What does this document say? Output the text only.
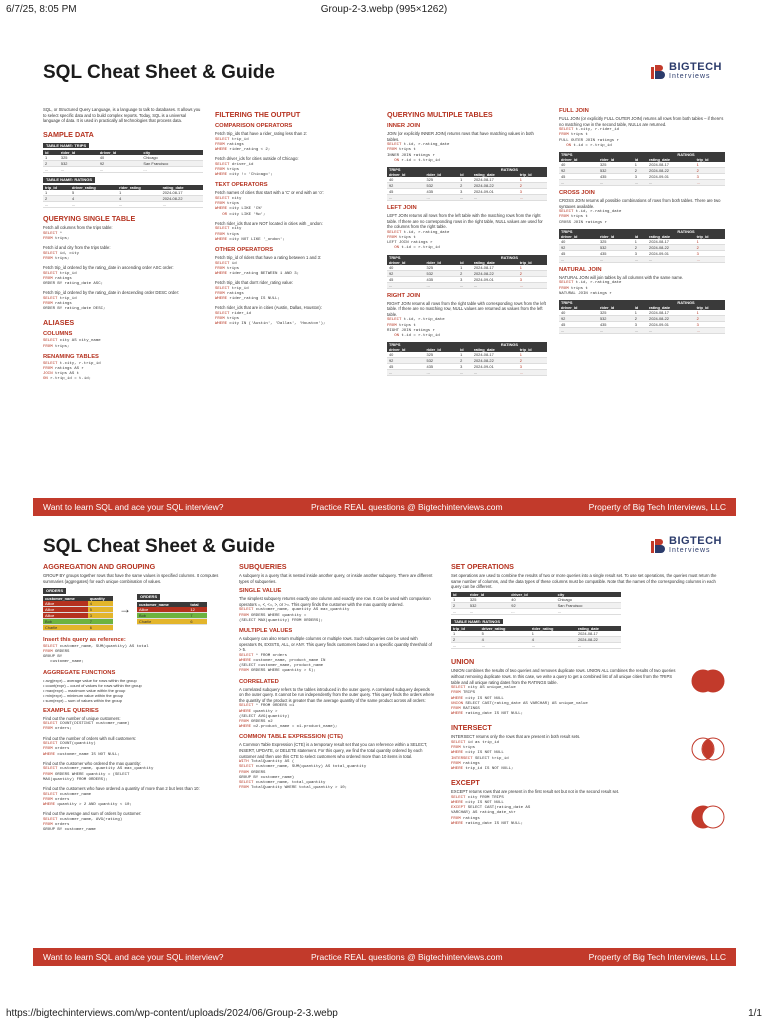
6/7/25, 8:05 PM	Group-2-3.webp (995×1262)
SQL Cheat Sheet & Guide	BIGTECH
Interviews
SQL, or Structured Query Language, is a language to talk to databases. It allows you to select specific data and to build complex reports. Today, SQL is a universal language of data. It is used in practically all technologies that process data.
SAMPLE DATA
TABLE NAME: TRIPS
id	rider_id	driver_id	city
1	325	40	Chicago
2	532	92	San Francisco
...	...	...	...
TABLE NAME: RATINGS
trip_id	driver_rating	rider_rating	rating_date
1	5	1	2024-08-17
2	4	4	2024-08-22
...	...	...	...
QUERYING SINGLE TABLE
Fetch all columns from the trips table:
SELECT *
FROM trips;
Fetch id and city from the trips table:
SELECT id, city
FROM trips;
Fetch trip_id ordered by the rating_date in ascending order ASC order:
SELECT trip_id
FROM ratings
ORDER BY rating_date ASC;
Fetch trip_id ordered by the rating_date in descending order DESC order:
SELECT trip_id
FROM ratings
ORDER BY rating_date DESC;
ALIASES
COLUMNS
SELECT city AS city_name
FROM trips;
RENAMING TABLES
SELECT t.city, r.trip_id
FROM ratings AS r
JOIN trips AS t
ON r.trip_id = t.id;
FILTERING THE OUTPUT
COMPARISON OPERATORS
Fetch trip_ids that have a rider_rating less than 2:
SELECT trip_id
FROM ratings
WHERE rider_rating < 2;
Fetch driver_ids for cities outside of Chicago:
SELECT driver_id
FROM trips
WHERE city != 'Chicago';
TEXT OPERATORS
Fetch names of cities that start with a 'C' or end with an 'o':
SELECT city
FROM trips
WHERE city LIKE 'C%'
OR city LIKE '%o';
Fetch rider_ids that are NOT located in cities with _ondon:
SELECT city
FROM trips
WHERE city NOT LIKE '_ondon';
OTHER OPERATORS
Fetch trip_id of riders that have a rating between 1 and 3:
SELECT id
FROM trips
WHERE rider_rating BETWEEN 1 AND 3;
Fetch trip_ids that don't rider_rating value:
SELECT trip_id
FROM ratings
WHERE rider_rating IS NULL;
Fetch rider_ids that are in cities (Austin, Dallas, Houston):
SELECT rider_id
FROM trips
WHERE city IN ('Austin', 'Dallas', 'Houston');
QUERYING MULTIPLE TABLES
INNER JOIN
JOIN (or explicitly INNER JOIN) returns rows that have matching values in both tables.
SELECT t.id, r.rating_date
FROM trips t
INNER JOIN ratings r
ON r.id = t.trip_id
TRIPS			RATINGS	
driver_id	rider_id	id	rating_date	trip_id
40	325	1	2024-08-17	1
92	532	2	2024-08-22	2
45	435	3	2024-09-01	3
...	...	...	...	...
LEFT JOIN
LEFT JOIN returns all rows from the left table with the matching rows from the right table. If there are no corresponding rows in the right table, NULL values are used for the columns from the right table.
SELECT t.id, r.rating_date
FROM trips t
LEFT JOIN ratings r
ON t.id = r.trip_id
TRIPS			RATINGS	
driver_id	rider_id	id	rating_date	trip_id
40	325	1	2024-08-17	1
92	532	2	2024-08-22	2
45	435	3	2024-09-01	3
...	...	...	...	...
RIGHT JOIN
RIGHT JOIN returns all rows from the right table with corresponding rows from the left table. If there are no matching row, NULL values are returned as values from the left table.
SELECT t.id, r.trip_date
FROM trips t
RIGHT JOIN ratings r
ON t.id = r.trip_id
TRIPS			RATINGS	
driver_id	rider_id	id	rating_date	trip_id
40	325	1	2024-08-17	1
92	532	2	2024-08-22	2
45	435	3	2024-09-01	3
...	...	...	...	...
FULL JOIN
FULL JOIN (or explicitly FULL OUTER JOIN) returns all rows from both tables – if there's no matching row in the second table, NULLs are returned.
SELECT t.city, r.rider_id
FROM trips t
FULL OUTER JOIN ratings r
ON t.id = r.trip_id
TRIPS			RATINGS	
driver_id	rider_id	id	rating_date	trip_id
40	325	1	2024-08-17	1
92	532	2	2024-08-22	2
45	435	3	2024-09-01	3
...	...	...	...	...
CROSS JOIN
CROSS JOIN returns all possible combinations of rows from both tables. There are two syntaxes available.
SELECT t.id, r.rating_date
FROM trips t
CROSS JOIN ratings r
TRIPS			RATINGS	
driver_id	rider_id	id	rating_date	trip_id
40	325	1	2024-08-17	1
92	532	2	2024-08-22	2
45	435	3	2024-09-01	3
...	...	...	...	...
NATURAL JOIN
NATURAL JOIN will join tables by all columns with the same name.
SELECT t.id, r.rating_date
FROM trips t
NATURAL JOIN ratings r
TRIPS			RATINGS	
driver_id	rider_id	id	rating_date	trip_id
40	325	1	2024-08-17	1
92	532	2	2024-08-22	2
45	435	3	2024-09-01	3
...	...	...	...	...
Want to learn SQL and ace your SQL interview?	Practice REAL questions @ Bigtechinterviews.com	Property of Big Tech Interviews, LLC
SQL Cheat Sheet & Guide	BIGTECH
Interviews
AGGREGATION AND GROUPING
GROUP BY groups together rows that have the same values in specified columns. It computes summaries (aggregates) for each unique combination of values.
ORDERS
customer_name	quantity
Allice	4
Allice	5
Allice	3
Bob	7
Charlie	6
→
ORDERS
customer_name	total
Allice	12
Bob	7
Charlie	6
Insert this query as reference:
SELECT customer_name, SUM(quantity) AS total
FROM ORDERS
GROUP BY
customer_name;
AGGREGATE FUNCTIONS
• avg(expr) – average value for rows within the group
• count(expr) – count of values for rows within the group
• max(expr) – maximum value within the group
• min(expr) – minimum value within the group
• sum(expr) – sum of values within the group
EXAMPLE QUERIES
Find out the number of unique customers:
SELECT COUNT(DISTINCT customer_name)
FROM orders;
Find out the number of orders with null customers:
SELECT COUNT(quantity)
FROM orders
WHERE customer_name IS NOT NULL;
Find out the customer who ordered the max quantity:
SELECT customer_name, quantity AS max_quantity
FROM ORDERS WHERE quantity = (SELECT
MAX(quantity) FROM ORDERS);
Find out the customers who have ordered a quantity of more than 2 but less than 10:
SELECT customer_name
FROM orders
WHERE quantity > 2 AND quantity < 10;
Find out the average and sum of orders by customer:
SELECT customer_name, AVG(rating)
FROM orders
GROUP BY customer_name
SUBQUERIES
A subquery is a query that is nested inside another query, or inside another subquery. There are different types of subqueries.
SINGLE VALUE
The simplest subquery returns exactly one column and exactly one row. It can be used with comparison operators =, <, <=, >, or >=. This query finds the customer with the max quantity ordered.
SELECT customer_name, quantity AS max_quantity
FROM ORDERS WHERE quantity =
(SELECT MAX(quantity) FROM ORDERS);
MULTIPLE VALUES
A subquery can also return multiple columns or multiple rows. Such subqueries can be used with operators IN, EXISTS, ALL, or ANY. This query finds customers based on a specific quantity threshold of > 5.
SELECT * FROM orders
WHERE customer_name, product_name IN
(SELECT customer_name, product_name
FROM ORDERS WHERE quantity > 5);
CORRELATED
A correlated subquery refers to the tables introduced in the outer query. A correlated subquery depends on the outer query. It cannot be run independently from the outer query. This query finds the orders where the quantity of the product is greater than the average quantity of the same product across all orders:
SELECT * FROM ORDERS o1
WHERE quantity >
(SELECT AVG(quantity)
FROM ORDERS o2
WHERE o2.product_name = o1.product_name);
COMMON TABLE EXPRESSION (CTE)
A Common Table Expression (CTE) is a temporary result set that you can reference within a SELECT, INSERT, UPDATE, or DELETE statement. For this query, we find the total quantity ordered by each customer and then use this CTE to select customers who ordered more than 10 items in total.
WITH TotalQuantity AS (
SELECT customer_name, SUM(quantity) AS total_quantity
FROM ORDERS
GROUP BY customer_name)
SELECT customer_name, total_quantity
FROM TotalQuantity WHERE total_quantity > 10;
SET OPERATIONS
Set operations are used to combine the results of two or more queries into a single result set. To use set operations, the queries must return the same number of columns, and the data types of these columns must be compatible. Note that the names of the corresponding columns in each query can be different.
id	rider_id	driver_id	city
1	325	40	Chicago
2	532	92	San Francisco
...	...	...	...
TABLE NAME: RATINGS
trip_id	driver_rating	rider_rating	rating_date
1	5	1	2024-08-17
2	4	4	2024-08-22
...	...	...	...
UNION
UNION combines the results of two queries and removes duplicate rows. UNION ALL combines the results of two queries without removing duplicate rows. In this case, we write a query to get a combined list of all unique cities from the TRIPS table and all unique rating dates from the RATINGS table.
SELECT city AS unique_value
FROM TRIPS
WHERE city IS NOT NULL
UNION SELECT CAST(rating_date AS VARCHAR) AS unique_value
FROM RATINGS
WHERE rating_date IS NOT NULL;
INTERSECT
INTERSECT returns only the rows that are present in both result sets.
SELECT id as trip_id
FROM trips
WHERE city IS NOT NULL
INTERSECT SELECT trip_id
FROM ratings
WHERE trip_id IS NOT NULL;
EXCEPT
EXCEPT returns rows that are present in the first result set but not in the second result set.
SELECT city FROM TRIPS
WHERE city IS NOT NULL
EXCEPT SELECT CAST(rating_date AS
VARCHAR) AS rating_date_str
FROM ratings
WHERE rating_date IS NOT NULL;
Want to learn SQL and ace your SQL interview?	Practice REAL questions @ Bigtechinterviews.com	Property of Big Tech Interviews, LLC
https://bigtechinterviews.com/wp-content/uploads/2024/06/Group-2-3.webp	1/1
